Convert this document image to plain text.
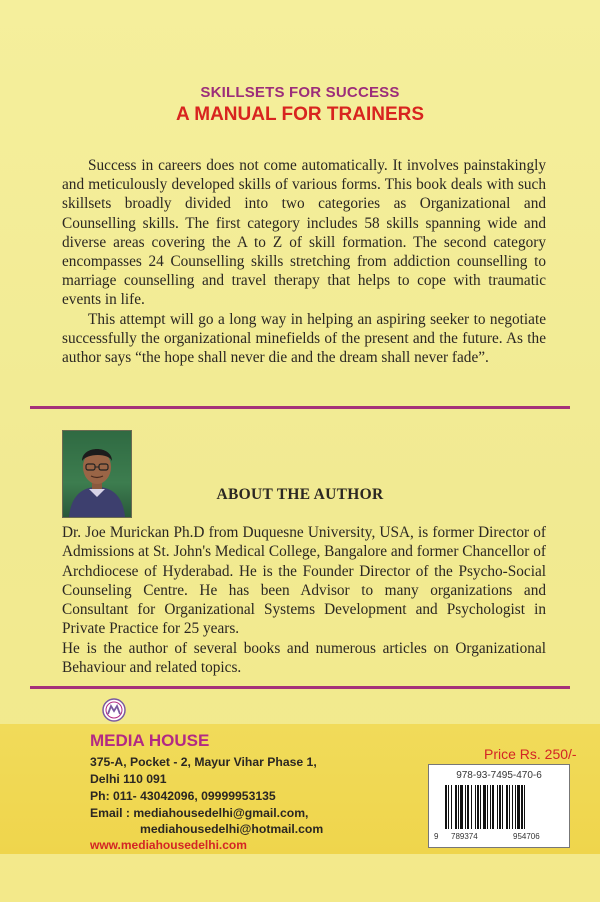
SKILLSETS FOR SUCCESS
A MANUAL FOR TRAINERS

Success in careers does not come automatically. It involves painstakingly and meticulously developed skills of various forms. This book deals with such skillsets broadly divided into two categories as Organizational and Counselling skills. The first category includes 58 skills spanning wide and diverse areas covering the A to Z of skill formation. The second category encompasses 24 Counselling skills stretching from addiction counselling to marriage counselling and travel therapy that helps to cope with traumatic events in life.

This attempt will go a long way in helping an aspiring seeker to negotiate successfully the organizational minefields of the present and the future. As the author says “the hope shall never die and the dream shall never fade”.

ABOUT THE AUTHOR

Dr. Joe Murickan Ph.D from Duquesne University, USA, is former Director of Admissions at St. John's Medical College, Bangalore and former Chancellor of Archdiocese of Hyderabad. He is the Founder Director of the Psycho-Social Counseling Centre. He has been Advisor to many organizations and Consultant for Organizational Systems Development and Psychologist in Private Practice for 25 years.

He is the author of several books and numerous articles on Organizational Behaviour and related topics.

MEDIA HOUSE
375-A, Pocket - 2, Mayur Vihar Phase 1,
Delhi 110 091
Ph: 011- 43042096, 09999953135
Email : mediahousedelhi@gmail.com,
mediahousedelhi@hotmail.com
www.mediahousedelhi.com
Price Rs. 250/-
978-93-7495-470-6
9 789374	954706
